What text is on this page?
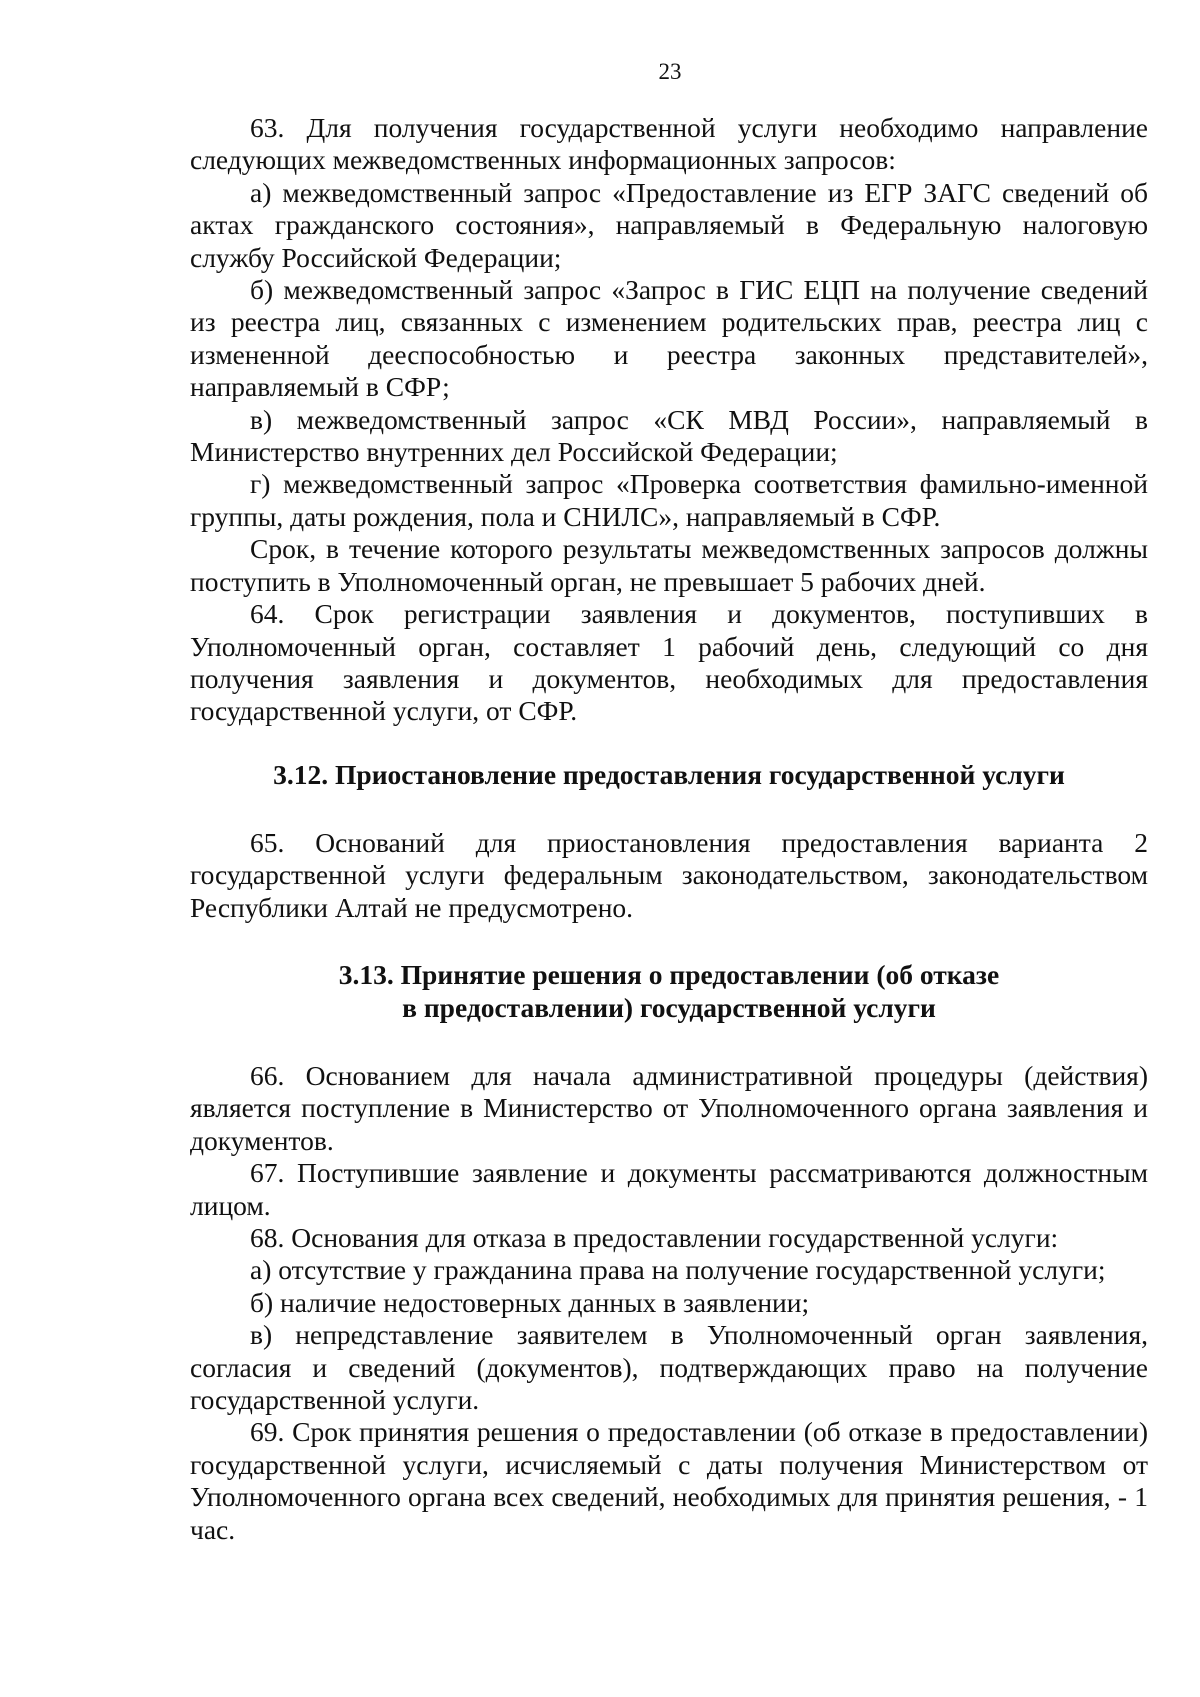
23

63. Для получения государственной услуги необходимо направление следующих межведомственных информационных запросов:

а) межведомственный запрос «Предоставление из ЕГР ЗАГС сведений об актах гражданского состояния», направляемый в Федеральную налоговую службу Российской Федерации;

б) межведомственный запрос «Запрос в ГИС ЕЦП на получение сведений из реестра лиц, связанных с изменением родительских прав, реестра лиц с измененной дееспособностью и реестра законных представителей», направляемый в СФР;

в) межведомственный запрос «СК МВД России», направляемый в Министерство внутренних дел Российской Федерации;

г) межведомственный запрос «Проверка соответствия фамильно-именной группы, даты рождения, пола и СНИЛС», направляемый в СФР.

Срок, в течение которого результаты межведомственных запросов должны поступить в Уполномоченный орган, не превышает 5 рабочих дней.

64. Срок регистрации заявления и документов, поступивших в Уполномоченный орган, составляет 1 рабочий день, следующий со дня получения заявления и документов, необходимых для предоставления государственной услуги, от СФР.

3.12. Приостановление предоставления государственной услуги

65. Оснований для приостановления предоставления варианта 2 государственной услуги федеральным законодательством, законодательством Республики Алтай не предусмотрено.

3.13. Принятие решения о предоставлении (об отказе
в предоставлении) государственной услуги

66. Основанием для начала административной процедуры (действия) является поступление в Министерство от Уполномоченного органа заявления и документов.

67. Поступившие заявление и документы рассматриваются должностным лицом.

68. Основания для отказа в предоставлении государственной услуги:

а) отсутствие у гражданина права на получение государственной услуги;

б) наличие недостоверных данных в заявлении;

в) непредставление заявителем в Уполномоченный орган заявления, согласия и сведений (документов), подтверждающих право на получение государственной услуги.

69. Срок принятия решения о предоставлении (об отказе в предоставлении) государственной услуги, исчисляемый с даты получения Министерством от Уполномоченного органа всех сведений, необходимых для принятия решения, - 1 час.
